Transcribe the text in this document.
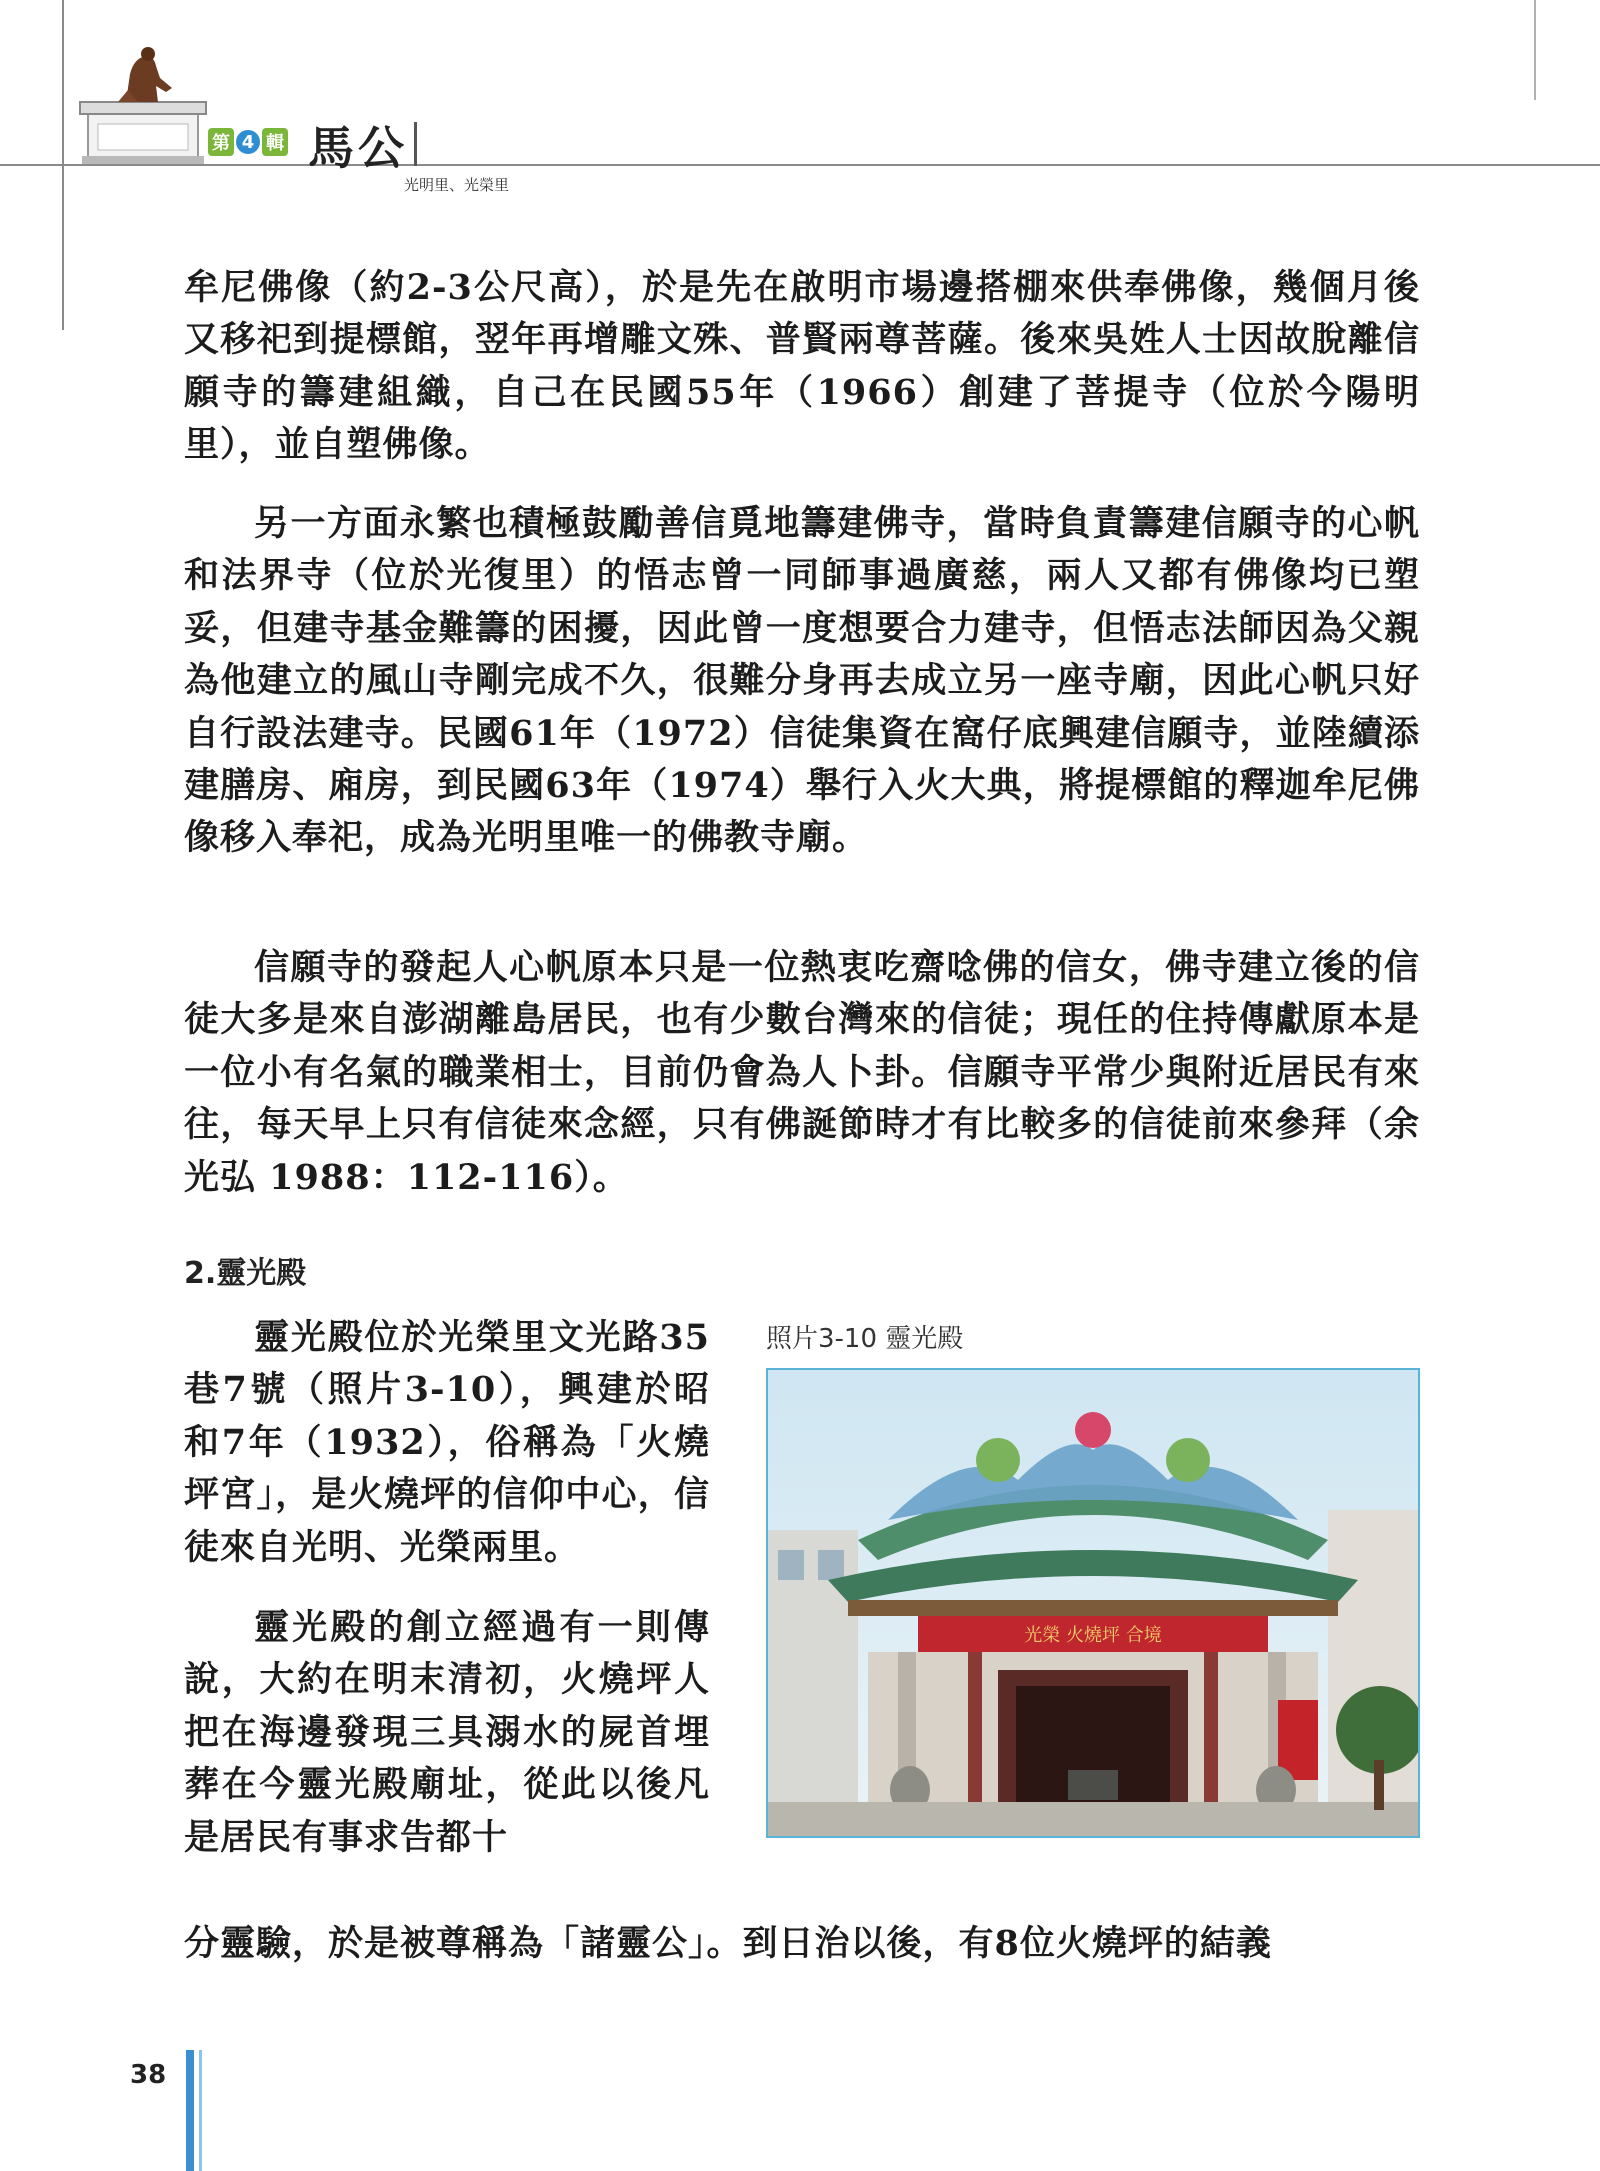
第 4 輯 馬公
光明里、光榮里

牟尼佛像（約2-3公尺高），於是先在啟明市場邊搭棚來供奉佛像，幾個月後又移祀到提標館，翌年再增雕文殊、普賢兩尊菩薩。後來吳姓人士因故脫離信願寺的籌建組織，自己在民國55年（1966）創建了菩提寺（位於今陽明里），並自塑佛像。

另一方面永繁也積極鼓勵善信覓地籌建佛寺，當時負責籌建信願寺的心帆和法界寺（位於光復里）的悟志曾一同師事過廣慈，兩人又都有佛像均已塑妥，但建寺基金難籌的困擾，因此曾一度想要合力建寺，但悟志法師因為父親為他建立的風山寺剛完成不久，很難分身再去成立另一座寺廟，因此心帆只好自行設法建寺。民國61年（1972）信徒集資在窩仔底興建信願寺，並陸續添建膳房、廂房，到民國63年（1974）舉行入火大典，將提標館的釋迦牟尼佛像移入奉祀，成為光明里唯一的佛教寺廟。

信願寺的發起人心帆原本只是一位熱衷吃齋唸佛的信女，佛寺建立後的信徒大多是來自澎湖離島居民，也有少數台灣來的信徒；現任的住持傳獻原本是一位小有名氣的職業相士，目前仍會為人卜卦。信願寺平常少與附近居民有來往，每天早上只有信徒來念經，只有佛誕節時才有比較多的信徒前來參拜（余光弘 1988：112-116）。

2.靈光殿

靈光殿位於光榮里文光路35巷7號（照片3-10），興建於昭和7年（1932），俗稱為「火燒坪宮」，是火燒坪的信仰中心，信徒來自光明、光榮兩里。

靈光殿的創立經過有一則傳說，大約在明末清初，火燒坪人把在海邊發現三具溺水的屍首埋葬在今靈光殿廟址，從此以後凡是居民有事求告都十

分靈驗，於是被尊稱為「諸靈公」。到日治以後，有8位火燒坪的結義

照片3-10 靈光殿
光榮 火燒坪 合境
38
